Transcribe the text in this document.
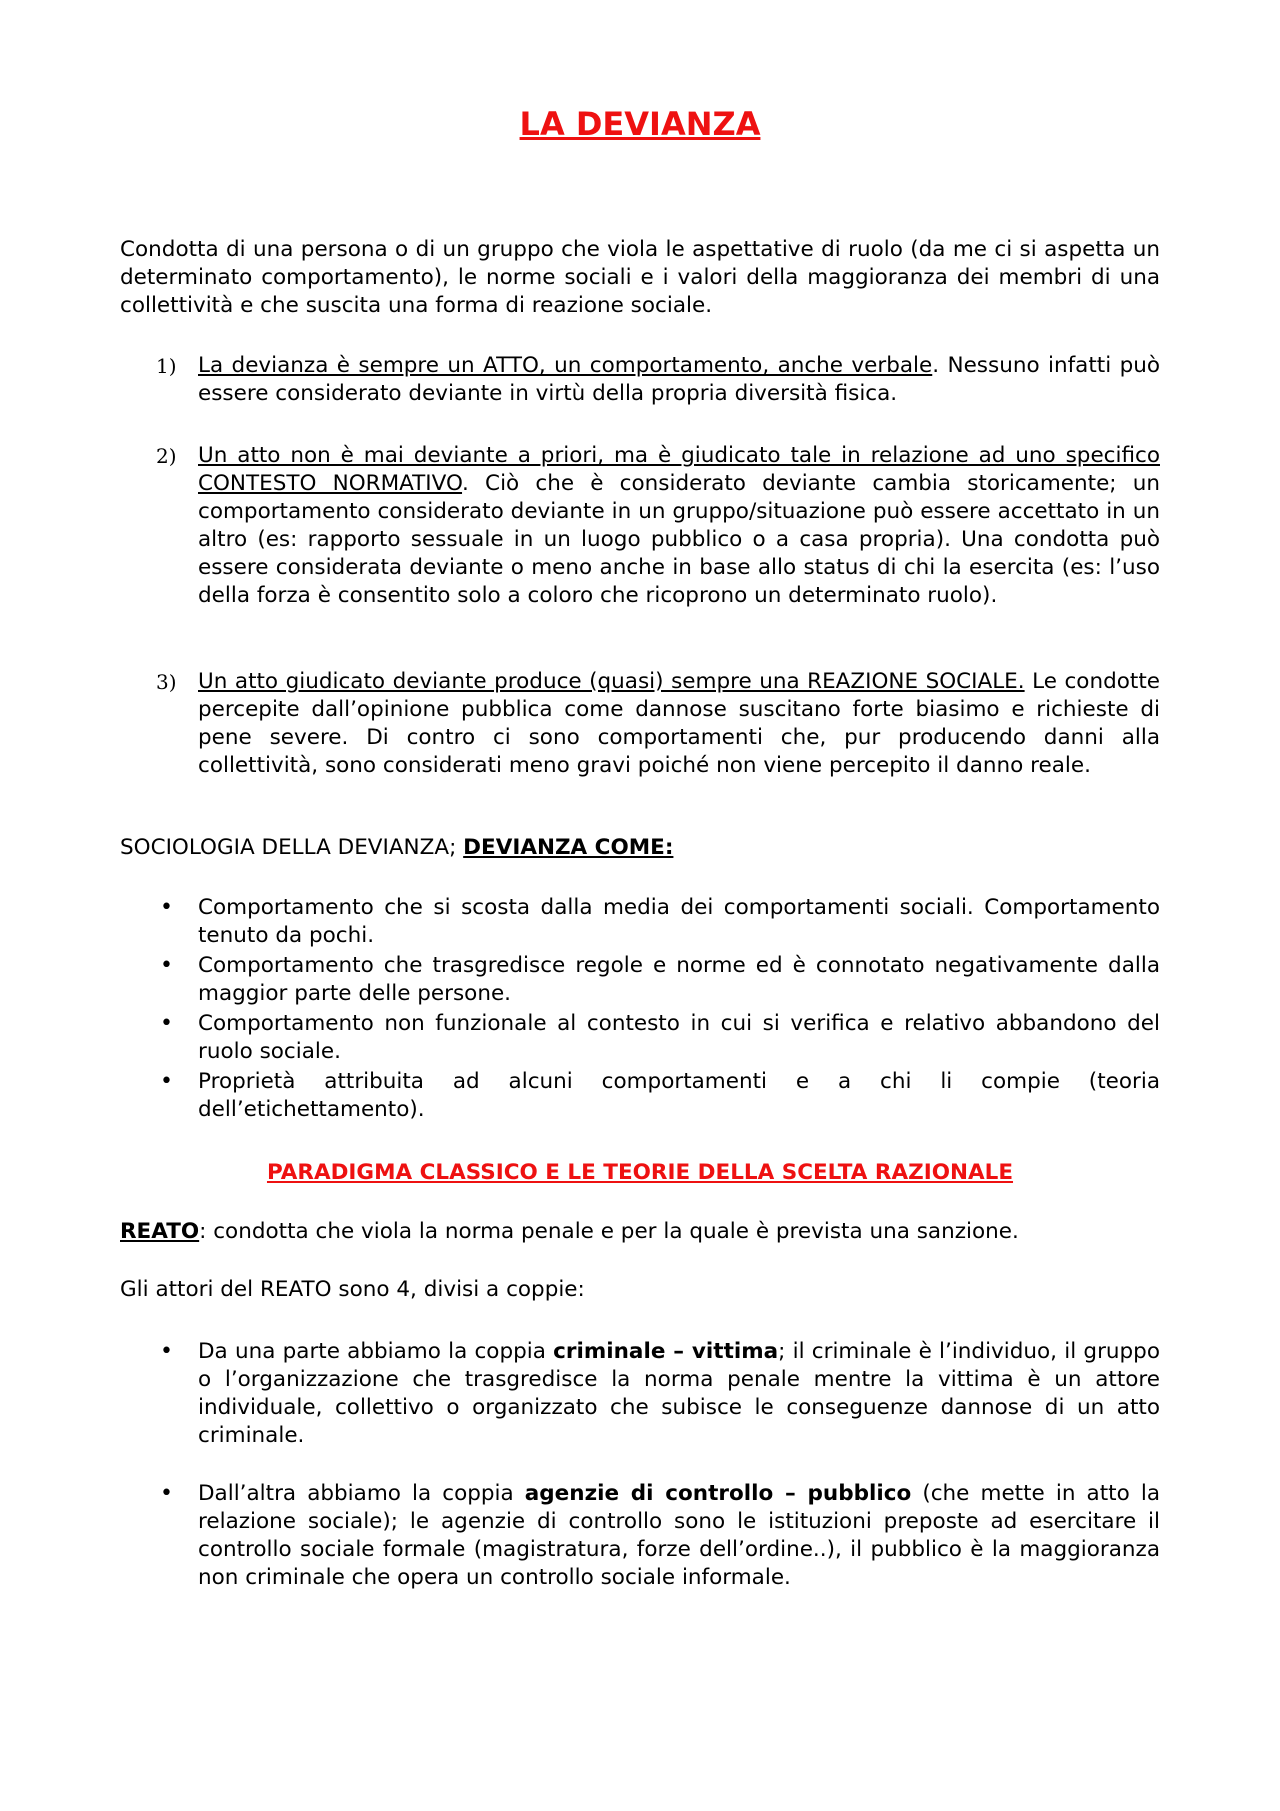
LA DEVIANZA

Condotta di una persona o di un gruppo che viola le aspettative di ruolo (da me ci si aspetta un determinato comportamento), le norme sociali e i valori della maggioranza dei membri di una collettività e che suscita una forma di reazione sociale.

1) La devianza è sempre un ATTO, un comportamento, anche verbale. Nessuno infatti può essere considerato deviante in virtù della propria diversità fisica.

2) Un atto non è mai deviante a priori, ma è giudicato tale in relazione ad uno specifico CONTESTO NORMATIVO. Ciò che è considerato deviante cambia storicamente; un comportamento considerato deviante in un gruppo/situazione può essere accettato in un altro (es: rapporto sessuale in un luogo pubblico o a casa propria). Una condotta può essere considerata deviante o meno anche in base allo status di chi la esercita (es: l’uso della forza è consentito solo a coloro che ricoprono un determinato ruolo).

3) Un atto giudicato deviante produce (quasi) sempre una REAZIONE SOCIALE. Le condotte percepite dall’opinione pubblica come dannose suscitano forte biasimo e richieste di pene severe. Di contro ci sono comportamenti che, pur producendo danni alla collettività, sono considerati meno gravi poiché non viene percepito il danno reale.

SOCIOLOGIA DELLA DEVIANZA; DEVIANZA COME:

• Comportamento che si scosta dalla media dei comportamenti sociali. Comportamento tenuto da pochi.

• Comportamento che trasgredisce regole e norme ed è connotato negativamente dalla maggior parte delle persone.

• Comportamento non funzionale al contesto in cui si verifica e relativo abbandono del ruolo sociale.

• Proprietà attribuita ad alcuni comportamenti e a chi li compie (teoria dell’etichettamento).

PARADIGMA CLASSICO E LE TEORIE DELLA SCELTA RAZIONALE

REATO: condotta che viola la norma penale e per la quale è prevista una sanzione.

Gli attori del REATO sono 4, divisi a coppie:

• Da una parte abbiamo la coppia criminale – vittima; il criminale è l’individuo, il gruppo o l’organizzazione che trasgredisce la norma penale mentre la vittima è un attore individuale, collettivo o organizzato che subisce le conseguenze dannose di un atto criminale.

• Dall’altra abbiamo la coppia agenzie di controllo – pubblico (che mette in atto la relazione sociale); le agenzie di controllo sono le istituzioni preposte ad esercitare il controllo sociale formale (magistratura, forze dell’ordine..), il pubblico è la maggioranza non criminale che opera un controllo sociale informale.
